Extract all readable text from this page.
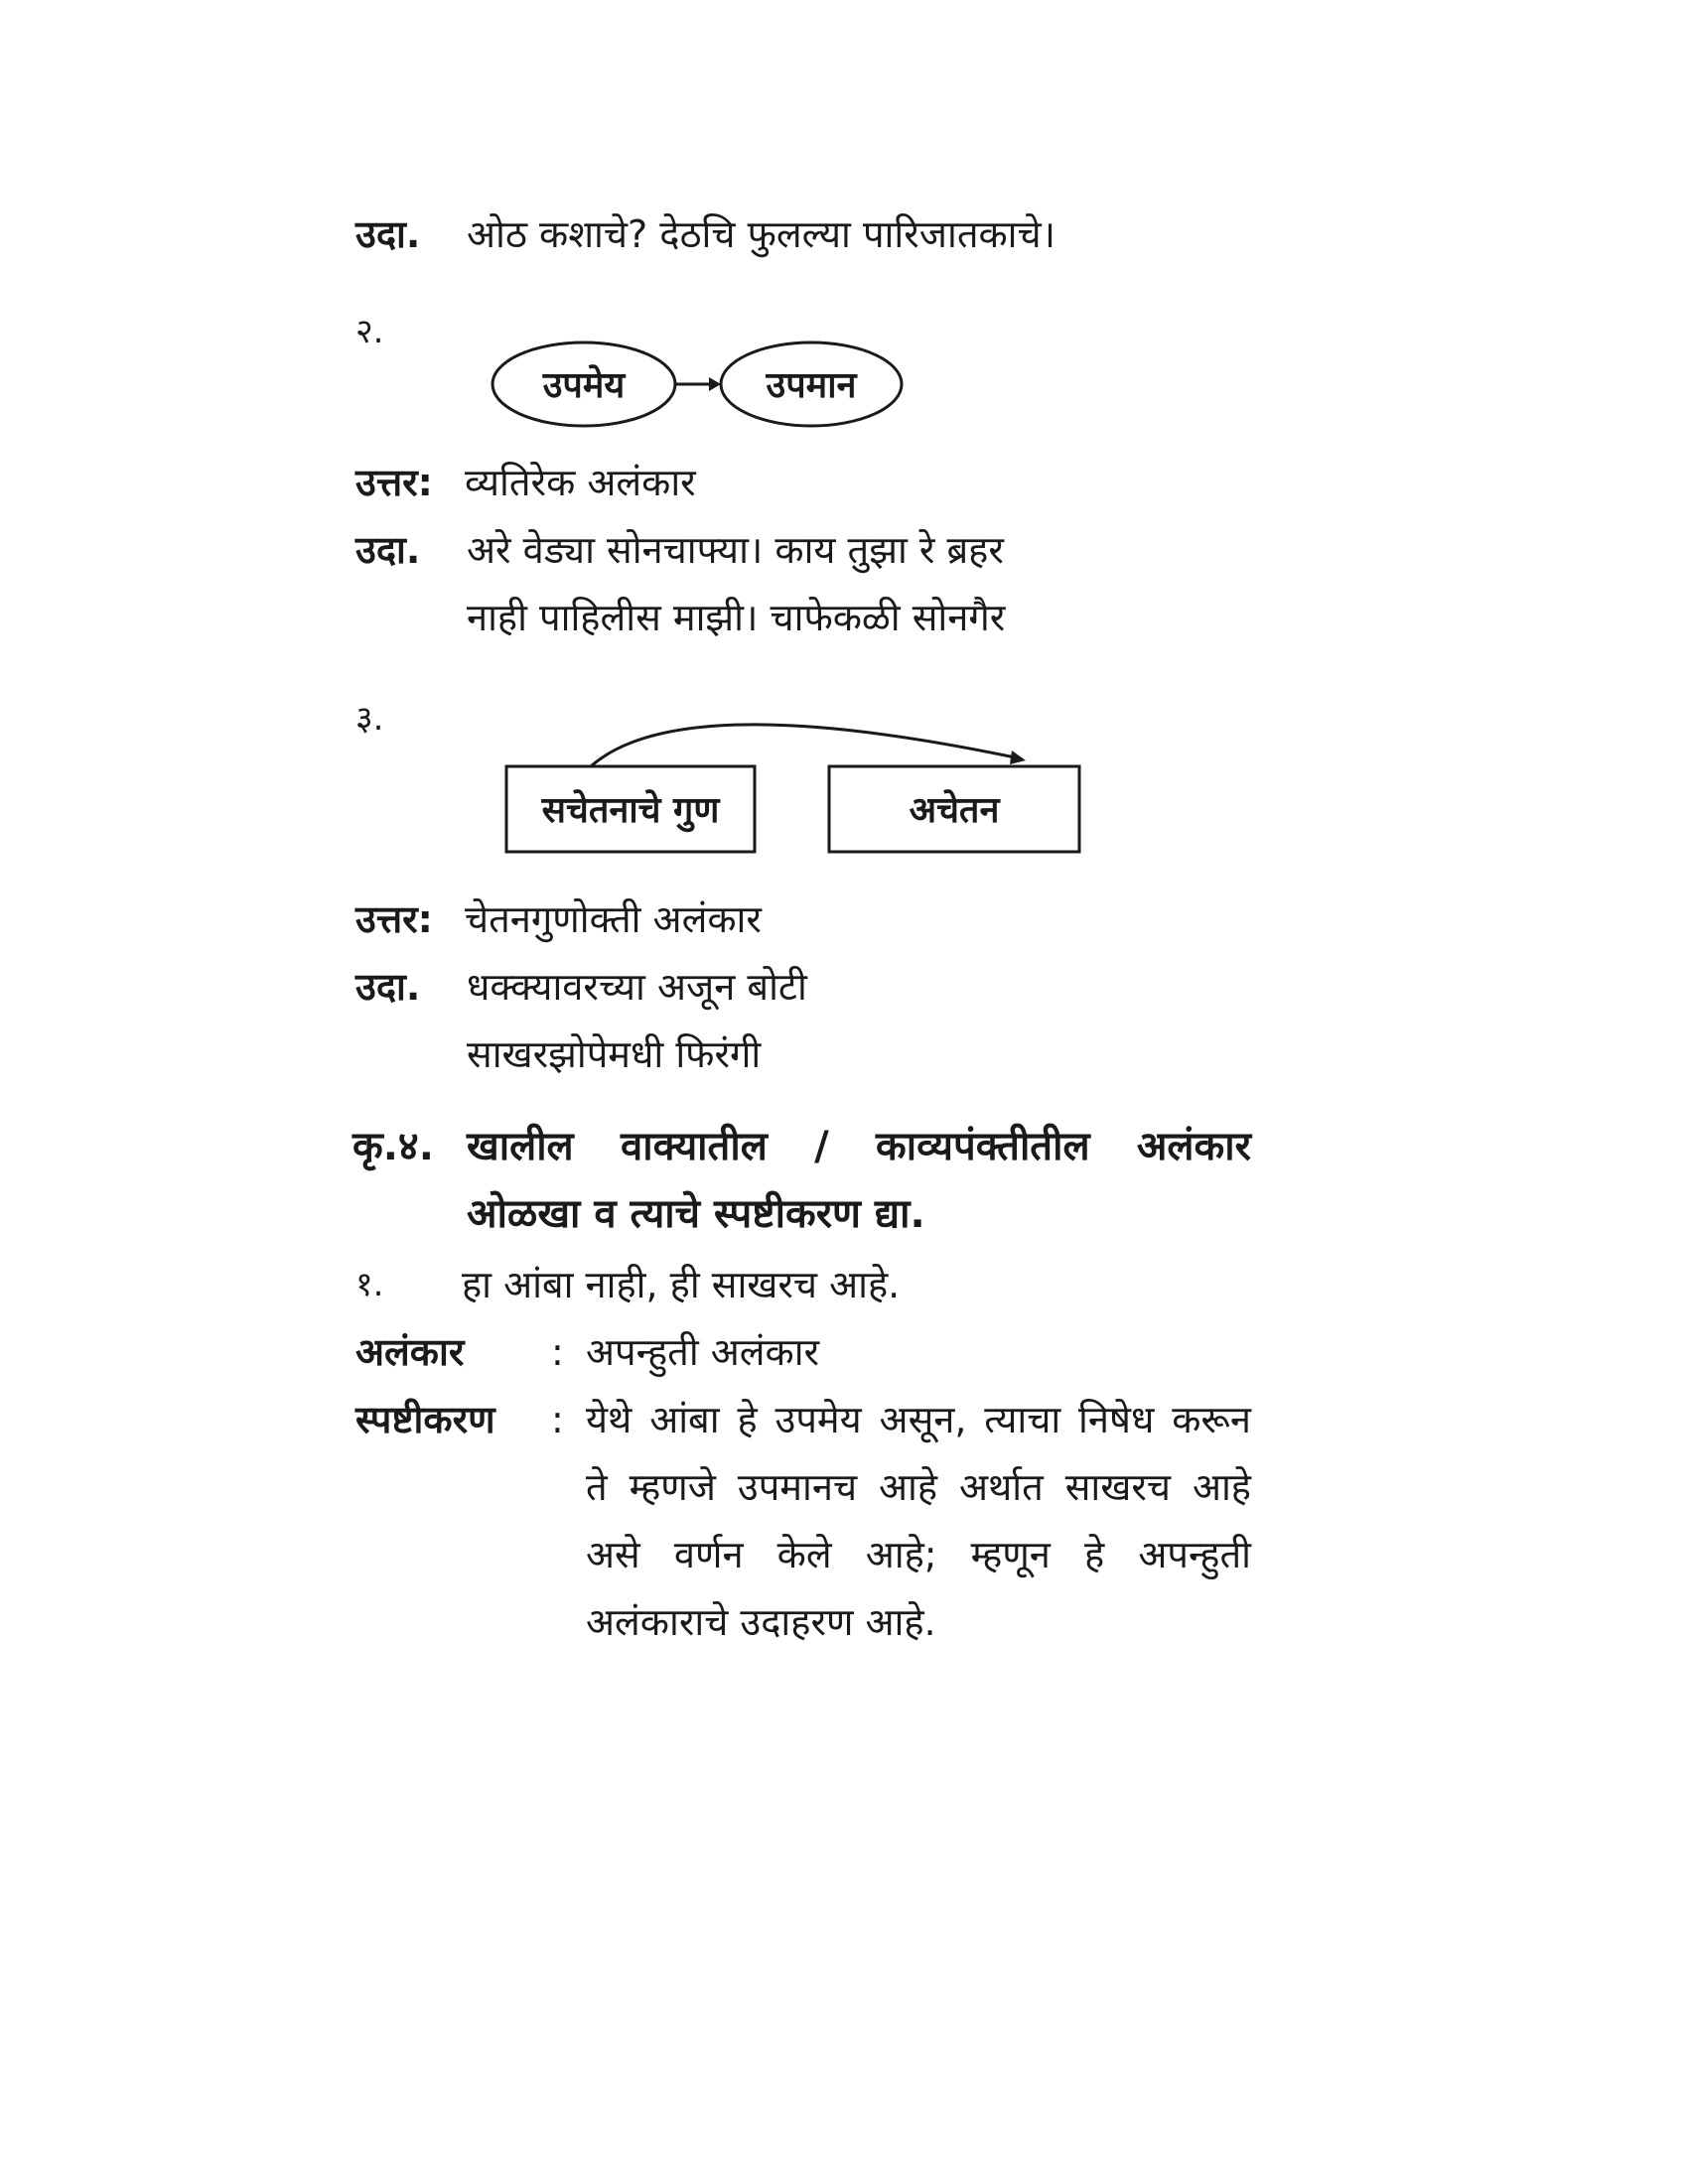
उदा. ओठ कशाचे? देठचि फुलल्या पारिजातकाचे।
२.
उपमेय	उपमान
उत्तर: व्यतिरेक अलंकार
उदा. अरे वेड्या सोनचाफ्या। काय तुझा रे ब्रहर
नाही पाहिलीस माझी। चाफेकळी सोनगैर
३.
सचेतनाचे गुण	अचेतन
उत्तर: चेतनगुणोक्ती अलंकार
उदा. धक्क्यावरच्या अजून बोटी
साखरझोपेमधी फिरंगी
कृ.४. खालील वाक्यातील / काव्यपंक्तीतील अलंकार
ओळखा व त्याचे स्पष्टीकरण द्या.
१. हा आंबा नाही, ही साखरच आहे.
अलंकार : अपन्हुती अलंकार
स्पष्टीकरण : येथे आंबा हे उपमेय असून, त्याचा निषेध करून
ते म्हणजे उपमानच आहे अर्थात साखरच आहे
असे वर्णन केले आहे; म्हणून हे अपन्हुती
अलंकाराचे उदाहरण आहे.
